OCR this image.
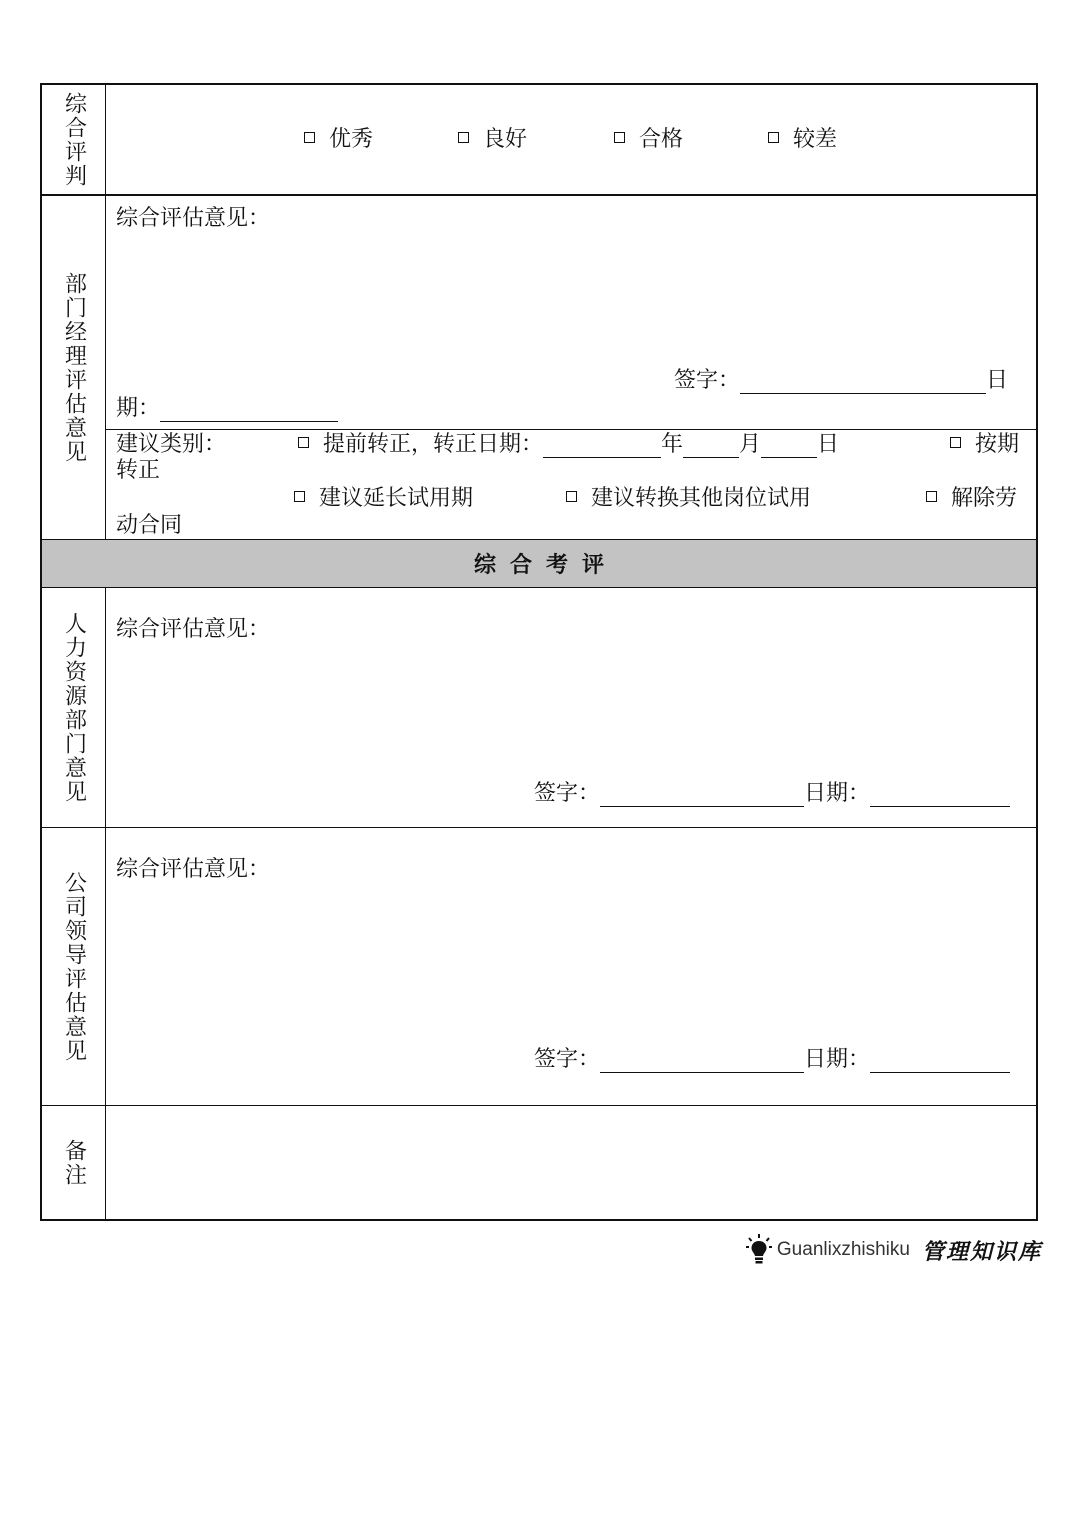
综合评判	优秀	良好	合格	较差
部门经理评估意见
综合评估意见：
签字：	日
期：
建议类别：	提前转正，转正日期：	年	月	日	按期
转正
建议延长试用期	建议转换其他岗位试用	解除劳
动合同
综合考评
人力资源部门意见 综合评估意见：
签字：	日期：
公司领导评估意见
综合评估意见：
签字：	日期：
备注
Guanlixzhishiku 管理知识库
